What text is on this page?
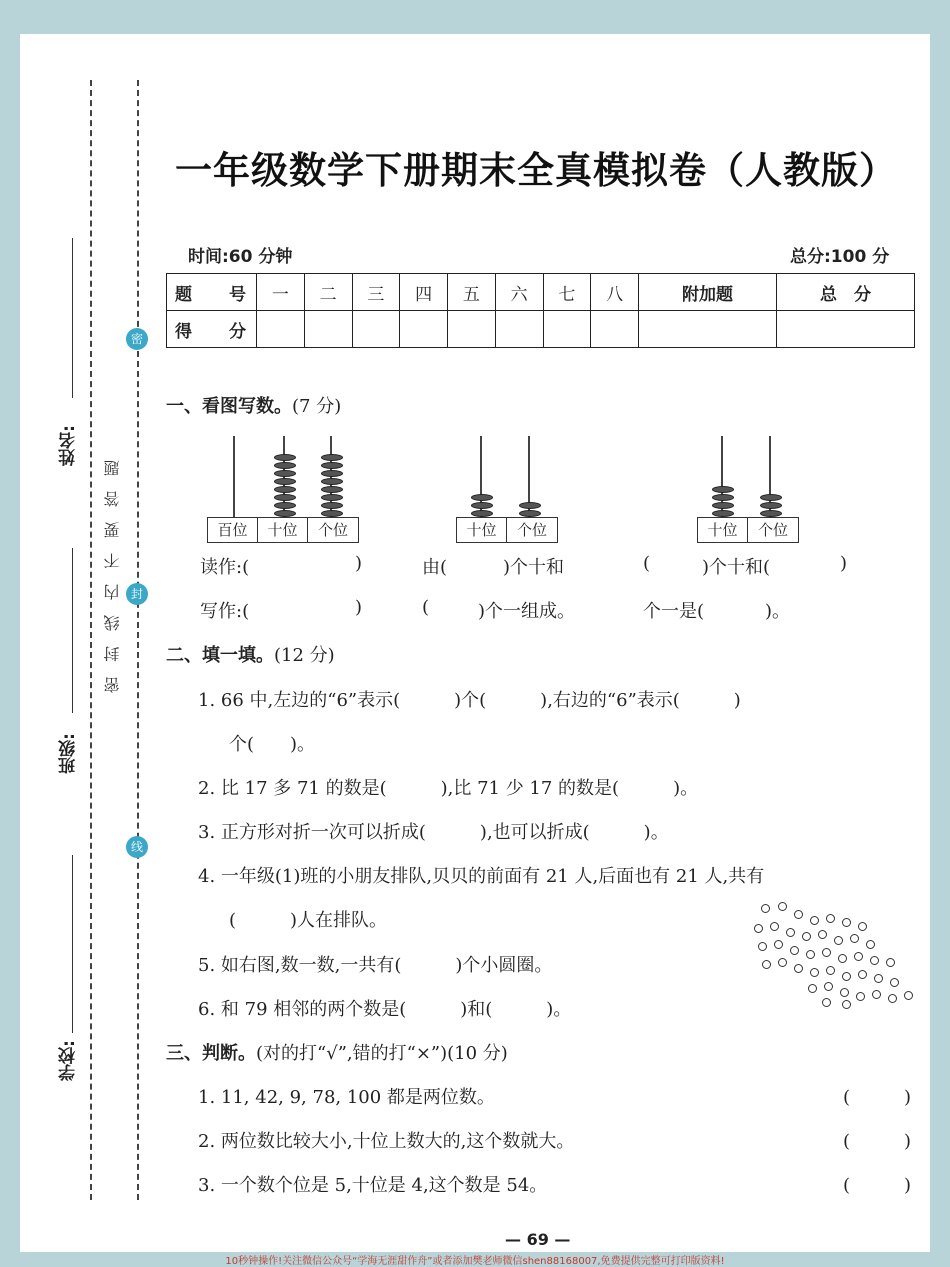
姓名:
班级:
学校:
密封线内不要答题
密
封
线
一年级数学下册期末全真模拟卷（人教版）
时间:60 分钟	总分:100 分
题　号	一	二	三	四	五	六	七	八	附加题	总　分
得　分										
一、看图写数。(7 分)
百位	十位	个位	十位	个位	十位	个位
读作:(	)
写作:(	)
由(	)个十和
(	)个一组成。
(	)个十和(	)
个一是(	)。
二、填一填。(12 分)
1. 66 中,左边的“6”表示(　　　)个(　　　),右边的“6”表示(　　　)
个(　　)。
2. 比 17 多 71 的数是(　　　),比 71 少 17 的数是(　　　)。
3. 正方形对折一次可以折成(　　　),也可以折成(　　　)。
4. 一年级(1)班的小朋友排队,贝贝的前面有 21 人,后面也有 21 人,共有
(　　　)人在排队。
5. 如右图,数一数,一共有(　　　)个小圆圈。
6. 和 79 相邻的两个数是(　　　)和(　　　)。
三、判断。(对的打“√”,错的打“×”)(10 分)
1. 11, 42, 9, 78, 100 都是两位数。
2. 两位数比较大小,十位上数大的,这个数就大。
3. 一个数个位是 5,十位是 4,这个数是 54。
(　　　)
(　　　)
(　　　)
— 69 —
10秒钟操作!关注微信公众号“学海无涯甜作舟”或者添加樊老师微信shen88168007,免费提供完整可打印版资料!
